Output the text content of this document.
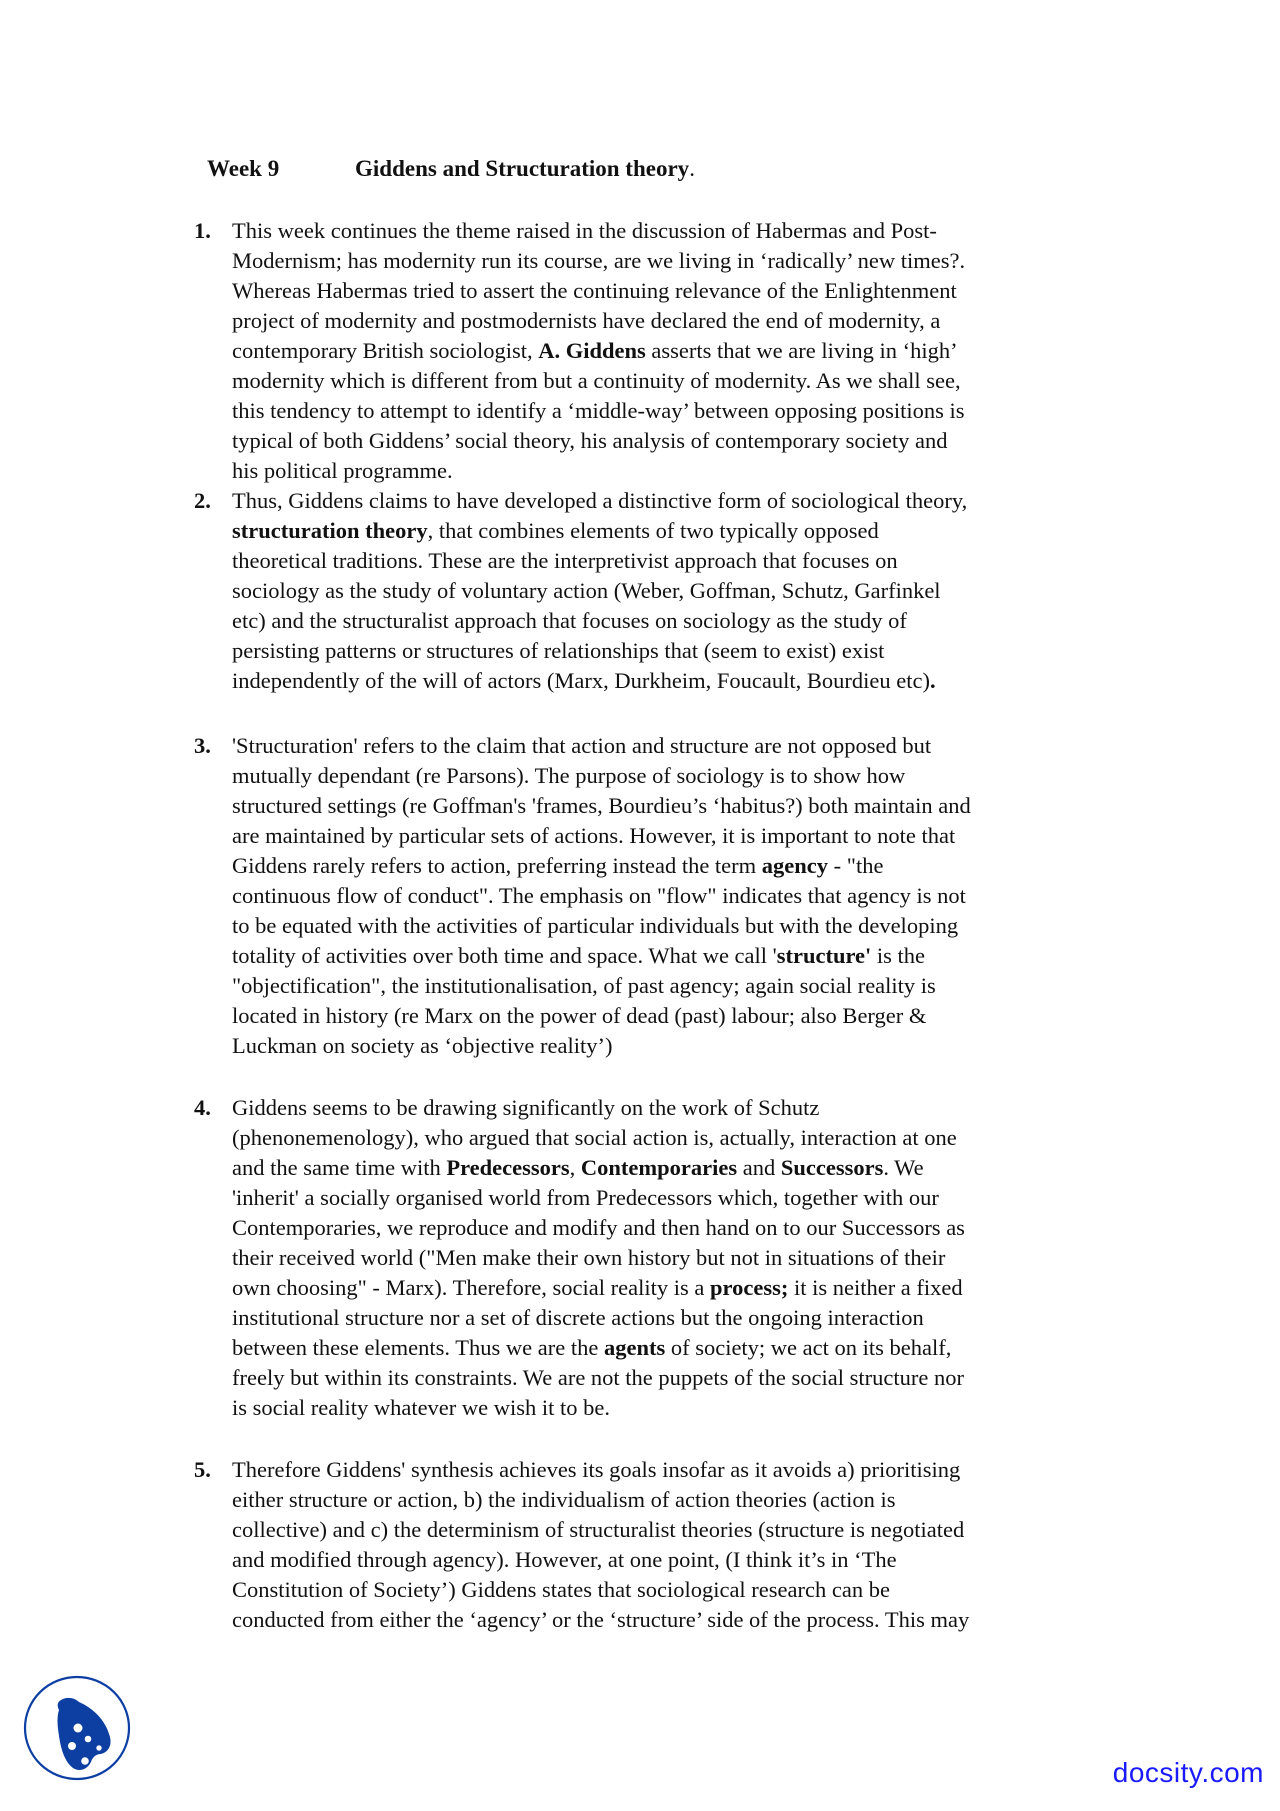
Week 9	Giddens and Structuration theory.
1. This week continues the theme raised in the discussion of Habermas and Post-
Modernism; has modernity run its course, are we living in ‘radically’ new times?.
Whereas Habermas tried to assert the continuing relevance of the Enlightenment
project of modernity and postmodernists have declared the end of modernity, a
contemporary British sociologist, A. Giddens asserts that we are living in ‘high’
modernity which is different from but a continuity of modernity. As we shall see,
this tendency to attempt to identify a ‘middle-way’ between opposing positions is
typical of both Giddens’ social theory, his analysis of contemporary society and
his political programme.
2. Thus, Giddens claims to have developed a distinctive form of sociological theory,
structuration theory, that combines elements of two typically opposed
theoretical traditions. These are the interpretivist approach that focuses on
sociology as the study of voluntary action (Weber, Goffman, Schutz, Garfinkel
etc) and the structuralist approach that focuses on sociology as the study of
persisting patterns or structures of relationships that (seem to exist) exist
independently of the will of actors (Marx, Durkheim, Foucault, Bourdieu etc).
3. 'Structuration' refers to the claim that action and structure are not opposed but
mutually dependant (re Parsons). The purpose of sociology is to show how
structured settings (re Goffman's 'frames, Bourdieu’s ‘habitus?) both maintain and
are maintained by particular sets of actions. However, it is important to note that
Giddens rarely refers to action, preferring instead the term agency - "the
continuous flow of conduct". The emphasis on "flow" indicates that agency is not
to be equated with the activities of particular individuals but with the developing
totality of activities over both time and space. What we call 'structure' is the
"objectification", the institutionalisation, of past agency; again social reality is
located in history (re Marx on the power of dead (past) labour; also Berger &
Luckman on society as ‘objective reality’)
4. Giddens seems to be drawing significantly on the work of Schutz
(phenonemenology), who argued that social action is, actually, interaction at one
and the same time with Predecessors, Contemporaries and Successors. We
'inherit' a socially organised world from Predecessors which, together with our
Contemporaries, we reproduce and modify and then hand on to our Successors as
their received world ("Men make their own history but not in situations of their
own choosing" - Marx). Therefore, social reality is a process; it is neither a fixed
institutional structure nor a set of discrete actions but the ongoing interaction
between these elements. Thus we are the agents of society; we act on its behalf,
freely but within its constraints. We are not the puppets of the social structure nor
is social reality whatever we wish it to be.
5. Therefore Giddens' synthesis achieves its goals insofar as it avoids a) prioritising
either structure or action, b) the individualism of action theories (action is
collective) and c) the determinism of structuralist theories (structure is negotiated
and modified through agency). However, at one point, (I think it’s in ‘The
Constitution of Society’) Giddens states that sociological research can be
conducted from either the ‘agency’ or the ‘structure’ side of the process. This may
docsity.com
